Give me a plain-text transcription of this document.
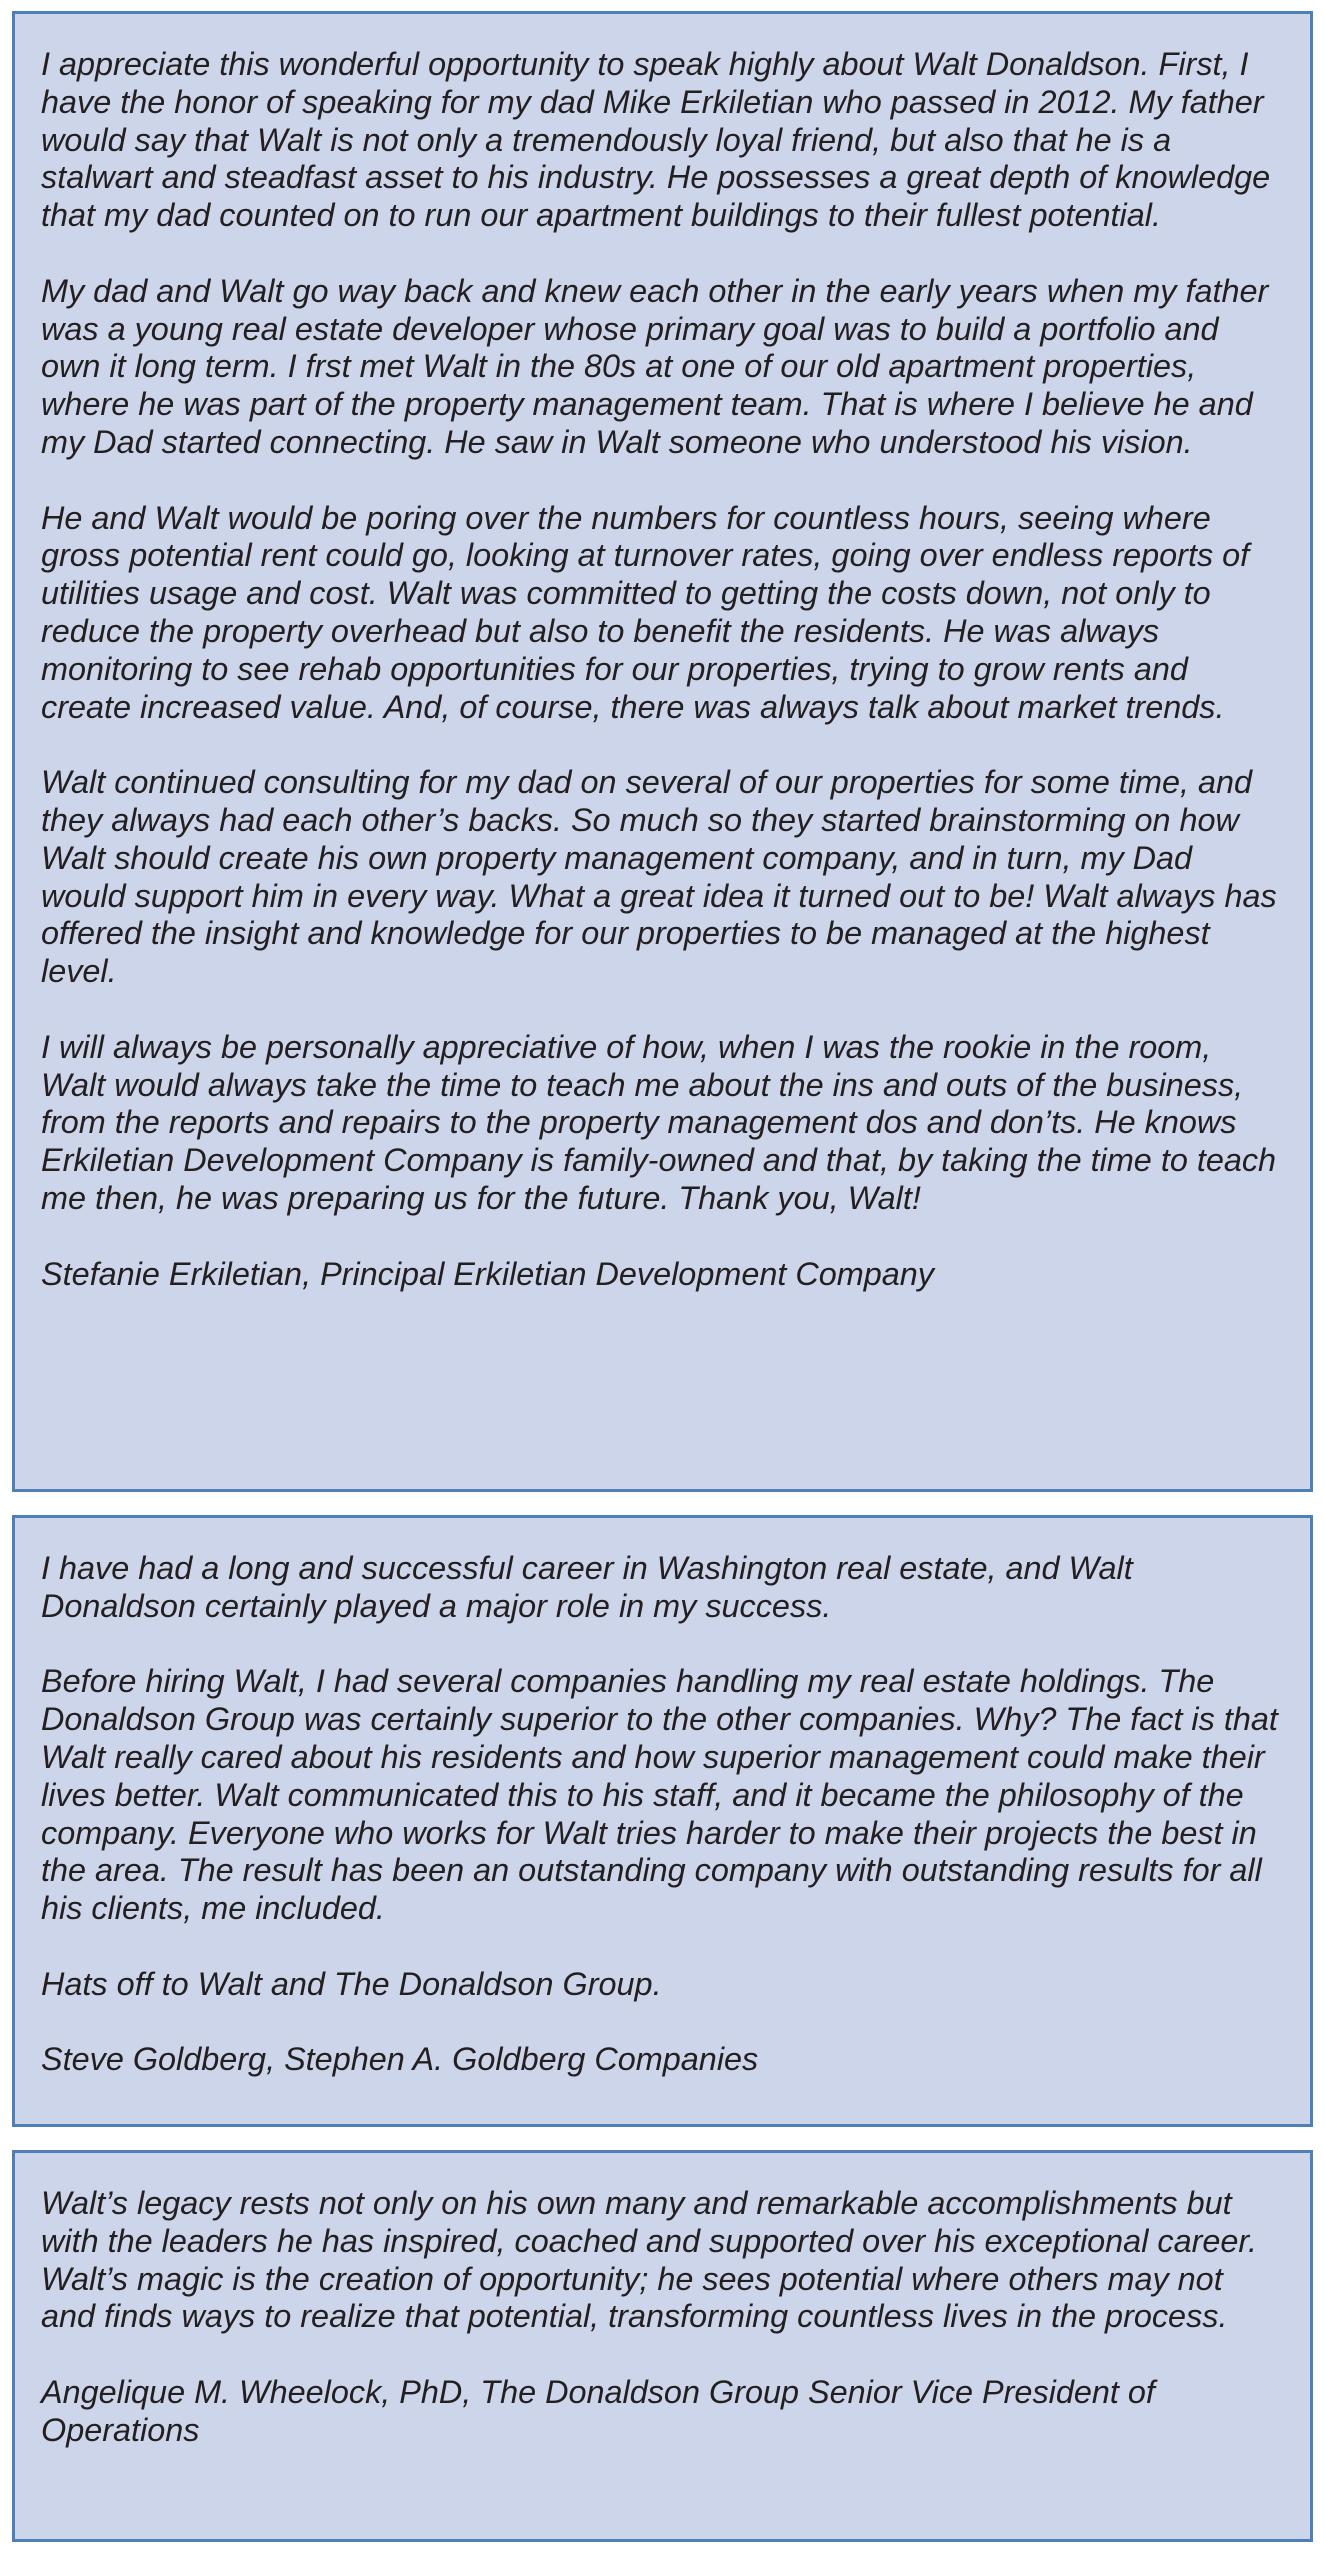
I appreciate this wonderful opportunity to speak highly about Walt Donaldson. First, I have the honor of speaking for my dad Mike Erkiletian who passed in 2012. My father would say that Walt is not only a tremendously loyal friend, but also that he is a stalwart and steadfast asset to his industry. He possesses a great depth of knowledge that my dad counted on to run our apartment buildings to their fullest potential.

My dad and Walt go way back and knew each other in the early years when my father was a young real estate developer whose primary goal was to build a portfolio and own it long term. I frst met Walt in the 80s at one of our old apartment properties, where he was part of the property management team. That is where I believe he and my Dad started connecting. He saw in Walt someone who understood his vision.

He and Walt would be poring over the numbers for countless hours, seeing where gross potential rent could go, looking at turnover rates, going over endless reports of utilities usage and cost. Walt was committed to getting the costs down, not only to reduce the property overhead but also to benefit the residents. He was always monitoring to see rehab opportunities for our properties, trying to grow rents and create increased value. And, of course, there was always talk about market trends.

Walt continued consulting for my dad on several of our properties for some time, and they always had each other’s backs. So much so they started brainstorming on how Walt should create his own property management company, and in turn, my Dad would support him in every way. What a great idea it turned out to be! Walt always has offered the insight and knowledge for our properties to be managed at the highest level.

I will always be personally appreciative of how, when I was the rookie in the room, Walt would always take the time to teach me about the ins and outs of the business, from the reports and repairs to the property management dos and don’ts. He knows Erkiletian Development Company is family-owned and that, by taking the time to teach me then, he was preparing us for the future. Thank you, Walt!

Stefanie Erkiletian, Principal Erkiletian Development Company

I have had a long and successful career in Washington real estate, and Walt Donaldson certainly played a major role in my success.

Before hiring Walt, I had several companies handling my real estate holdings. The Donaldson Group was certainly superior to the other companies. Why? The fact is that Walt really cared about his residents and how superior management could make their lives better. Walt communicated this to his staff, and it became the philosophy of the company. Everyone who works for Walt tries harder to make their projects the best in the area. The result has been an outstanding company with outstanding results for all his clients, me included.

Hats off to Walt and The Donaldson Group.

Steve Goldberg, Stephen A. Goldberg Companies

Walt’s legacy rests not only on his own many and remarkable accomplishments but with the leaders he has inspired, coached and supported over his exceptional career. Walt’s magic is the creation of opportunity; he sees potential where others may not and finds ways to realize that potential, transforming countless lives in the process.

Angelique M. Wheelock, PhD, The Donaldson Group Senior Vice President of Operations
